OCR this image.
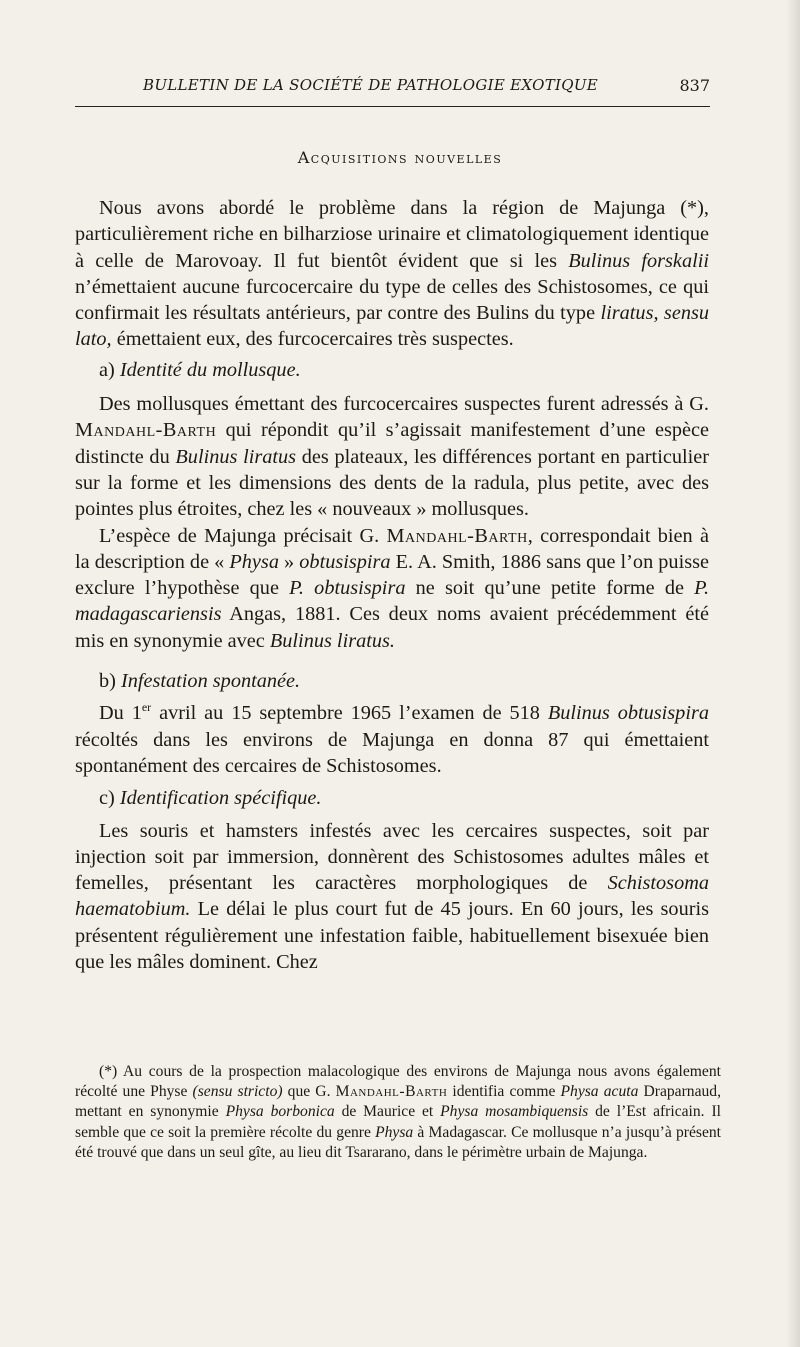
BULLETIN DE LA SOCIÉTÉ DE PATHOLOGIE EXOTIQUE	837
Acquisitions nouvelles

Nous avons abordé le problème dans la région de Majunga (*), particulièrement riche en bilharziose urinaire et climatologiquement identique à celle de Marovoay. Il fut bientôt évident que si les Bulinus forskalii n’émettaient aucune furcocercaire du type de celles des Schistosomes, ce qui confirmait les résultats antérieurs, par contre des Bulins du type liratus, sensu lato, émettaient eux, des furcocercaires très suspectes.

a) Identité du mollusque.

Des mollusques émettant des furcocercaires suspectes furent adressés à G. Mandahl-Barth qui répondit qu’il s’agissait manifestement d’une espèce distincte du Bulinus liratus des plateaux, les différences portant en particulier sur la forme et les dimensions des dents de la radula, plus petite, avec des pointes plus étroites, chez les « nouveaux » mollusques.

L’espèce de Majunga précisait G. Mandahl-Barth, correspondait bien à la description de « Physa » obtusispira E. A. Smith, 1886 sans que l’on puisse exclure l’hypothèse que P. obtusispira ne soit qu’une petite forme de P. madagascariensis Angas, 1881. Ces deux noms avaient précédemment été mis en synonymie avec Bulinus liratus.

b) Infestation spontanée.

Du 1er avril au 15 septembre 1965 l’examen de 518 Bulinus obtusispira récoltés dans les environs de Majunga en donna 87 qui émettaient spontanément des cercaires de Schistosomes.

c) Identification spécifique.

Les souris et hamsters infestés avec les cercaires suspectes, soit par injection soit par immersion, donnèrent des Schistosomes adultes mâles et femelles, présentant les caractères morphologiques de Schistosoma haematobium. Le délai le plus court fut de 45 jours. En 60 jours, les souris présentent régulièrement une infestation faible, habituellement bisexuée bien que les mâles dominent. Chez

(*) Au cours de la prospection malacologique des environs de Majunga nous avons également récolté une Physe (sensu stricto) que G. Mandahl-Barth identifia comme Physa acuta Draparnaud, mettant en synonymie Physa borbonica de Maurice et Physa mosambiquensis de l’Est africain. Il semble que ce soit la première récolte du genre Physa à Madagascar. Ce mollusque n’a jusqu’à présent été trouvé que dans un seul gîte, au lieu dit Tsararano, dans le périmètre urbain de Majunga.
